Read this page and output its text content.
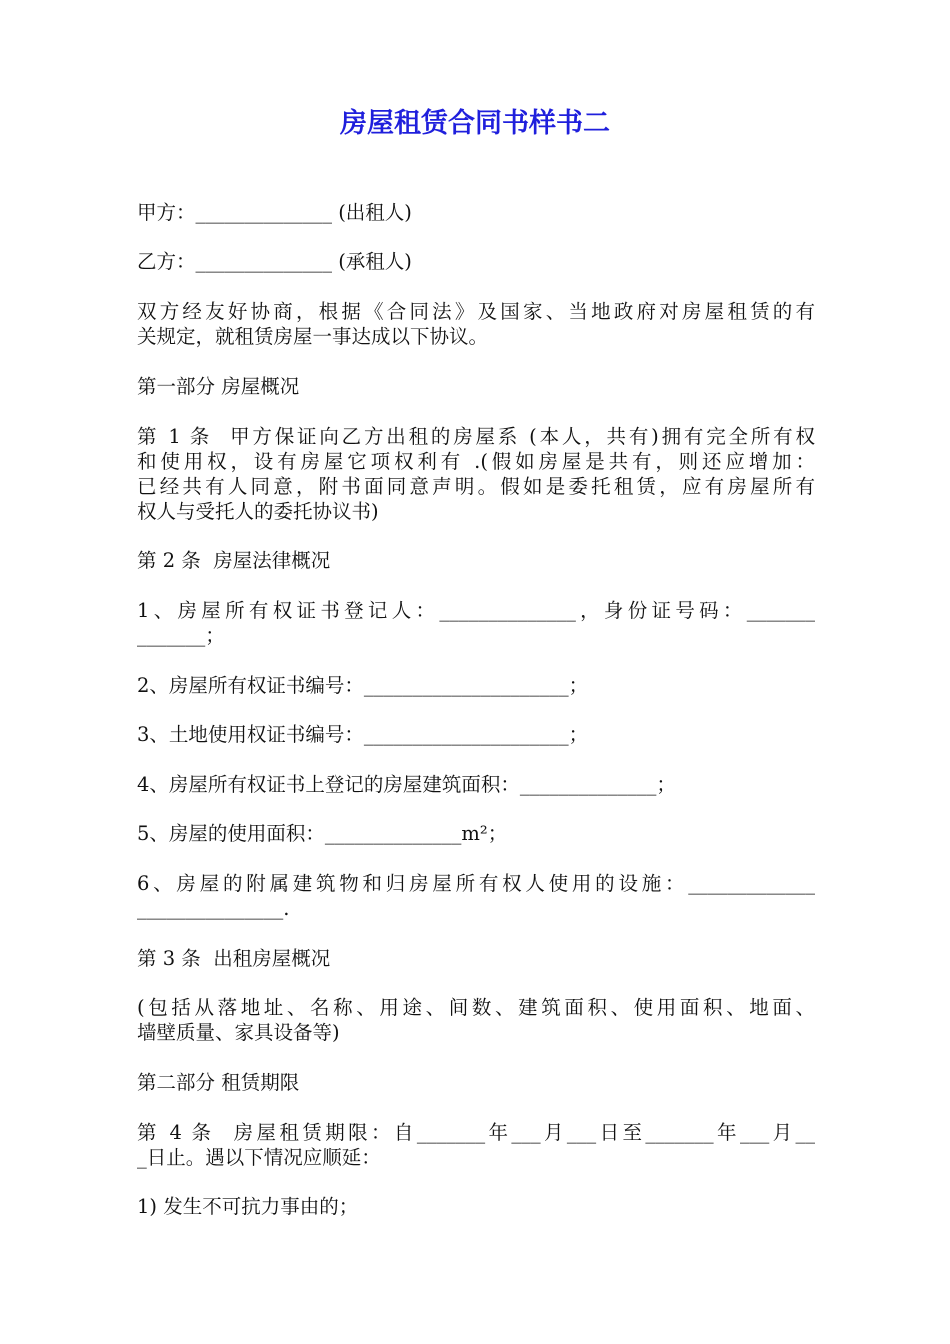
房屋租赁合同书样书二
甲方：______________ (出租人)
乙方：______________ (承租人)
双方经友好协商，根据《合同法》及国家、当地政府对房屋租赁的有
关规定，就租赁房屋一事达成以下协议。
第一部分 房屋概况
第 1 条  甲方保证向乙方出租的房屋系 (本人，共有)拥有完全所有权
和使用权，设有房屋它项权利有 .(假如房屋是共有，则还应增加：
已经共有人同意，附书面同意声明。假如是委托租赁，应有房屋所有
权人与受托人的委托协议书)
第 2 条  房屋法律概况
1、房屋所有权证书登记人：______________，身份证号码：_______
_______；
2、房屋所有权证书编号：_____________________；
3、土地使用权证书编号：_____________________；
4、房屋所有权证书上登记的房屋建筑面积：______________；
5、房屋的使用面积：______________m²；
6、房屋的附属建筑物和归房屋所有权人使用的设施：_____________
_______________.
第 3 条  出租房屋概况
(包括从落地址、名称、用途、间数、建筑面积、使用面积、地面、
墙壁质量、家具设备等)
第二部分 租赁期限
第 4 条  房屋租赁期限：自_______年___月___日至_______年___月__
_日止。遇以下情况应顺延：
1) 发生不可抗力事由的；
